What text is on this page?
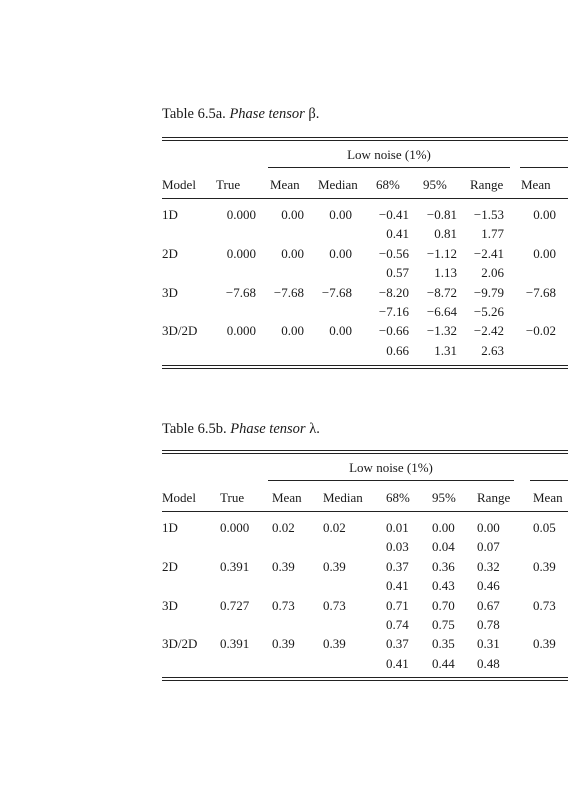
Table 6.5a. Phase tensor β.
Low noise (1%)
Model True Mean Median 68% 95% Range Mean
1D	0.000	0.00	0.00	−0.41	−0.81	−1.53	0.00
0.41	0.81	1.77
2D	0.000	0.00	0.00	−0.56	−1.12	−2.41	0.00
0.57	1.13	2.06
3D	−7.68	−7.68	−7.68	−8.20	−8.72	−9.79	−7.68
−7.16	−6.64	−5.26
3D/2D	0.000	0.00	0.00	−0.66	−1.32	−2.42	−0.02
0.66	1.31	2.63
Table 6.5b. Phase tensor λ.
Low noise (1%)
Model True Mean Median 68% 95% Range Mean
1D	0.000 0.02 0.02	0.01 0.00 0.00	0.05
0.03 0.04 0.07
2D	0.391 0.39 0.39	0.37 0.36 0.32	0.39
0.41 0.43 0.46
3D	0.727 0.73 0.73	0.71 0.70 0.67	0.73
0.74 0.75 0.78
3D/2D 0.391 0.39 0.39	0.37 0.35 0.31	0.39
0.41 0.44 0.48
